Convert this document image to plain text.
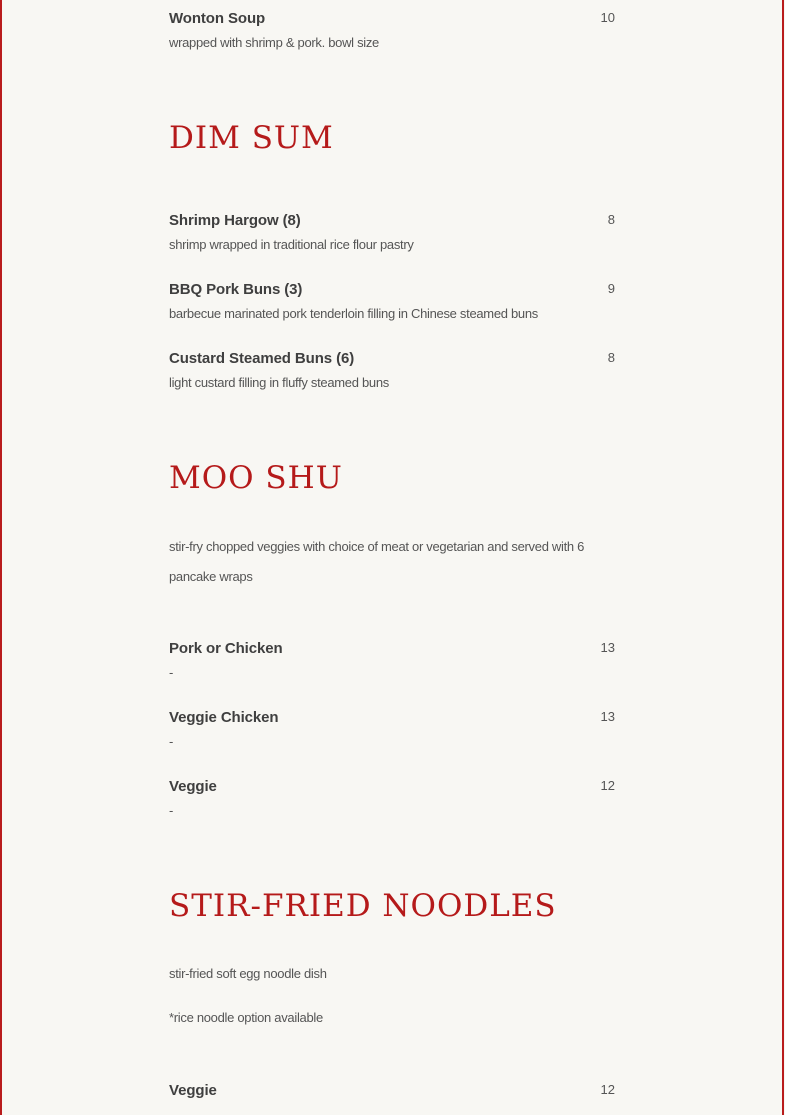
Wonton Soup	10
wrapped with shrimp & pork. bowl size
DIM SUM
Shrimp Hargow (8)	8
shrimp wrapped in traditional rice flour pastry
BBQ Pork Buns (3)	9
barbecue marinated pork tenderloin filling in Chinese steamed buns
Custard Steamed Buns (6)	8
light custard filling in fluffy steamed buns
MOO SHU
stir-fry chopped veggies with choice of meat or vegetarian and served with 6
pancake wraps
Pork or Chicken	13
-
Veggie Chicken	13
-
Veggie	12
-
STIR-FRIED NOODLES
stir-fried soft egg noodle dish
*rice noodle option available
Veggie	12
